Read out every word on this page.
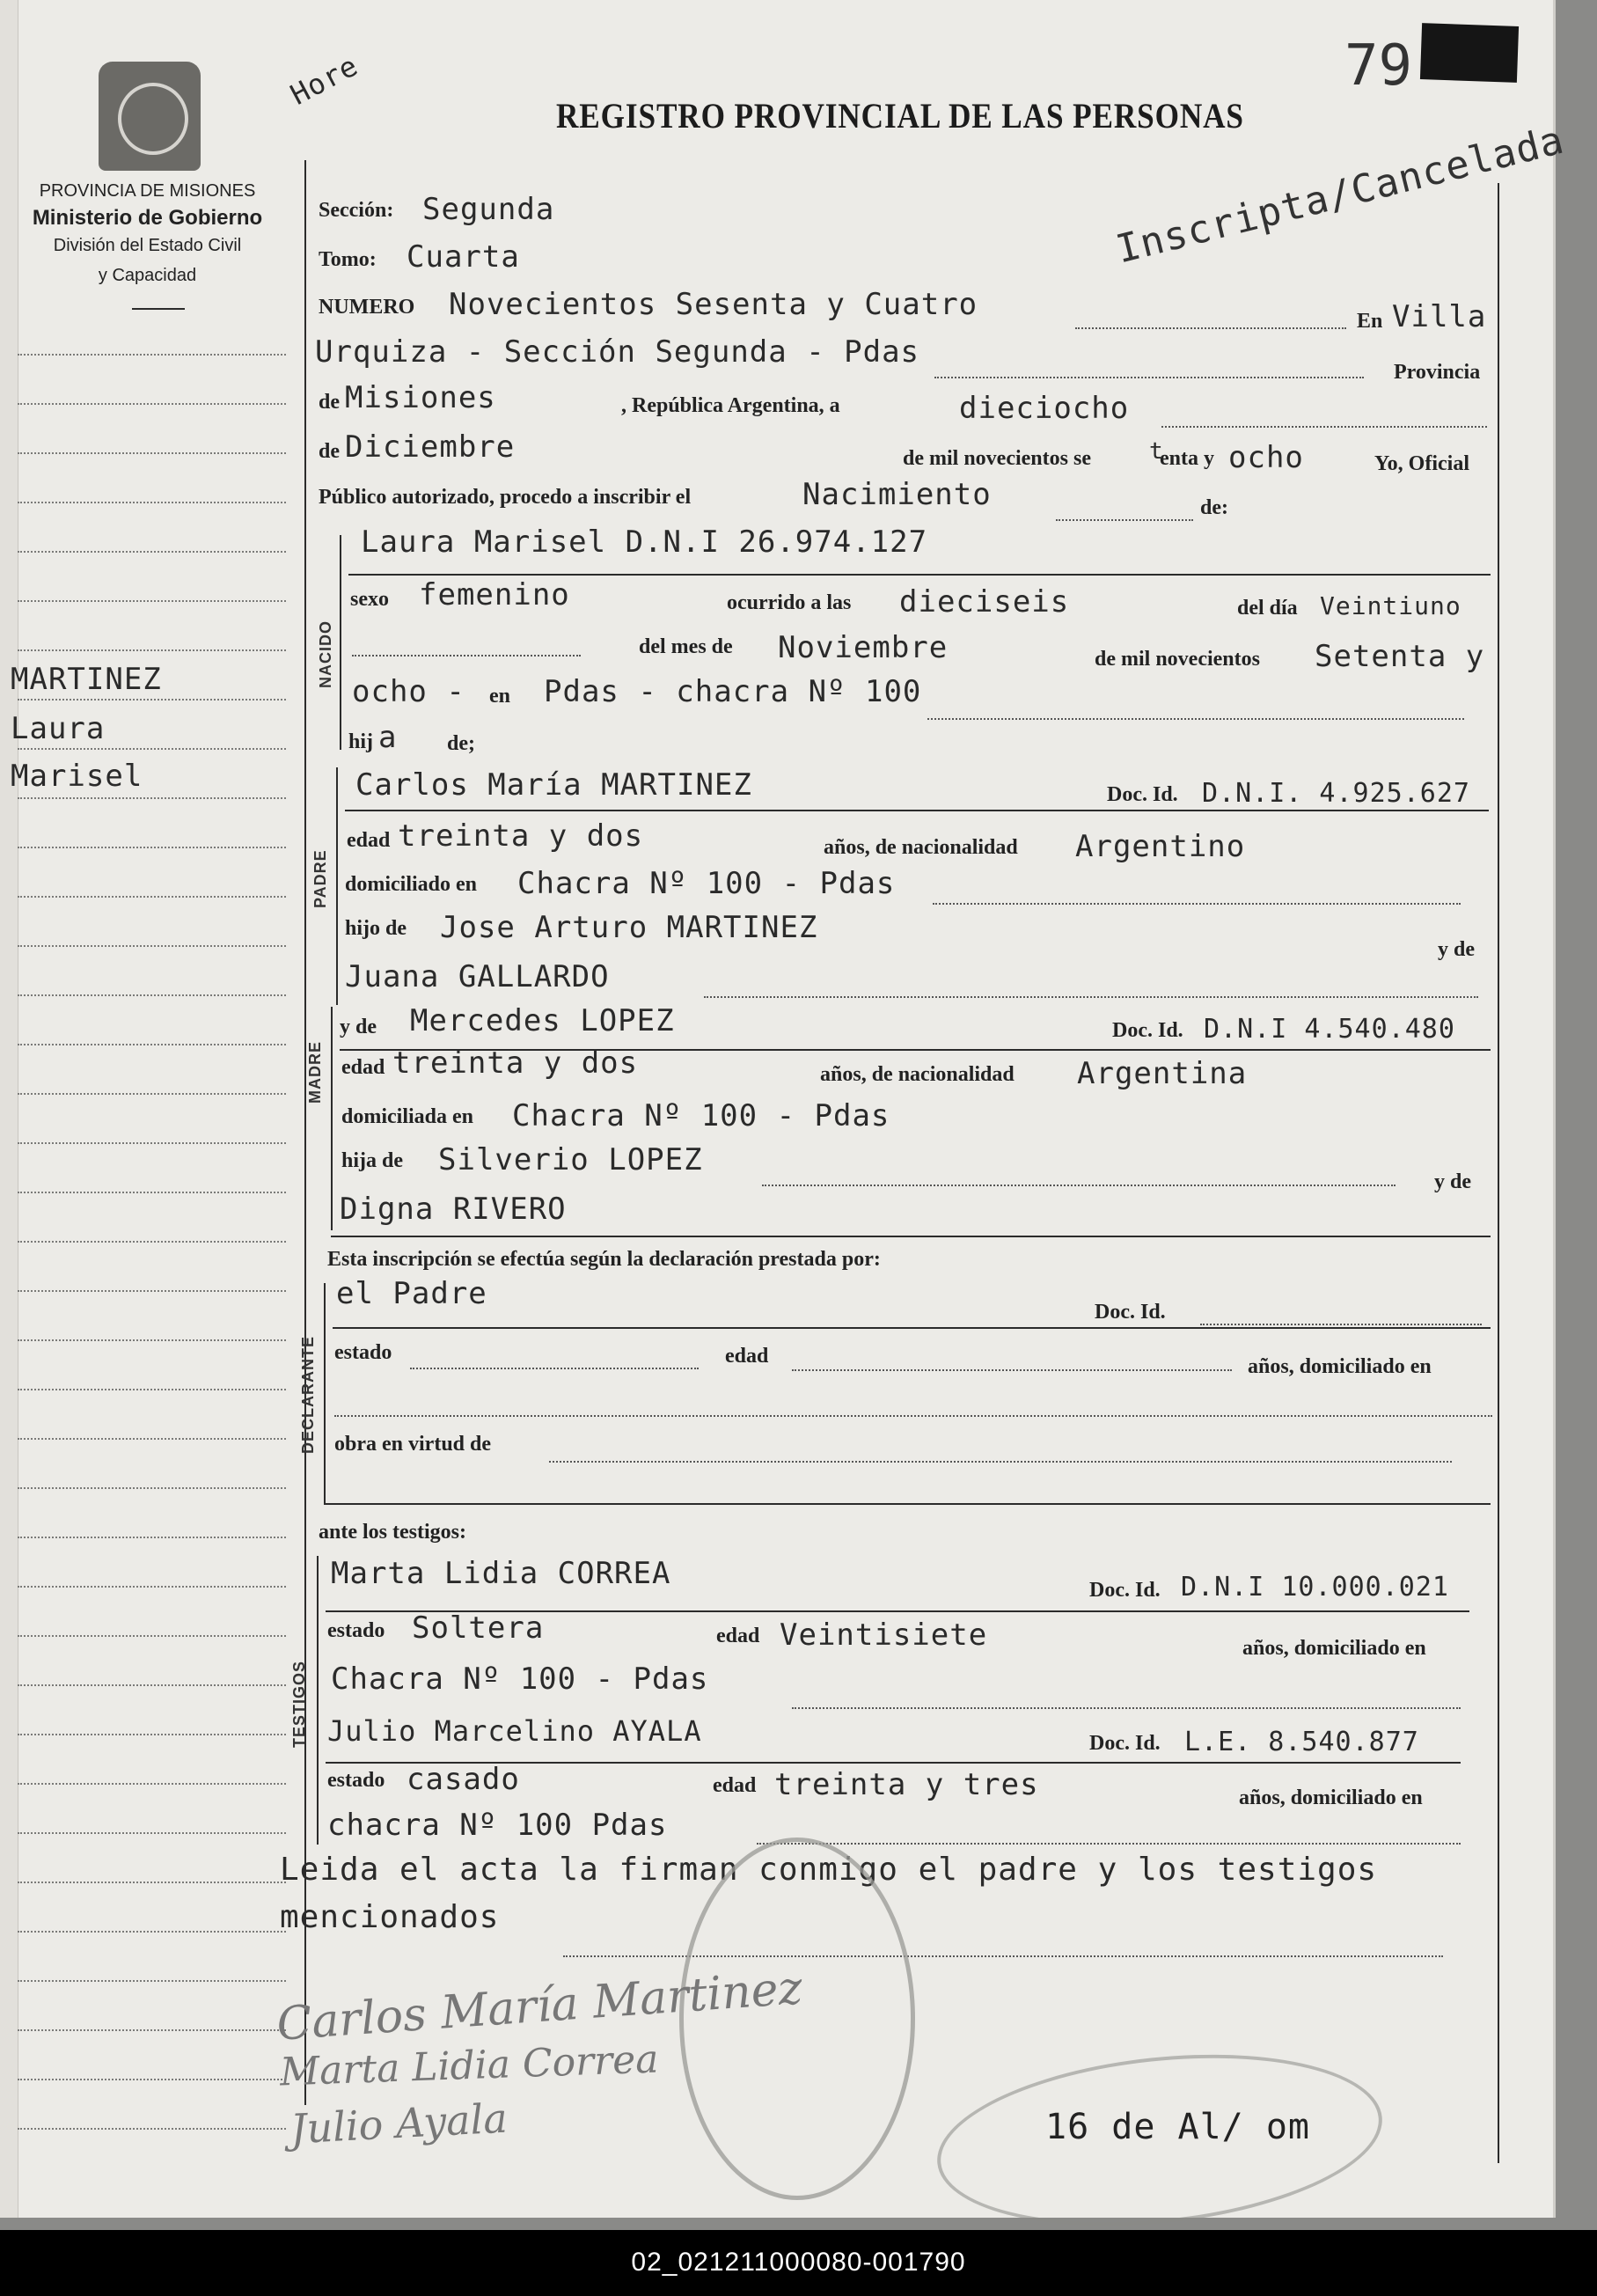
79
PROVINCIA DE MISIONES
Ministerio de Gobierno
División del Estado Civil
y Capacidad
Hore
REGISTRO PROVINCIAL DE LAS PERSONAS
Inscripta/Cancelada
MARTINEZ
Laura
Marisel
Sección: Segunda
Tomo: Cuarta
NUMERO Novecientos Sesenta y Cuatro	En Villa
Urquiza - Sección Segunda - Pdas
Provincia
de Misiones	, República Argentina, a	dieciocho
de Diciembre	de mil novecientos se	t
enta y ocho	Yo, Oficial
Público autorizado, procedo a inscribir el	Nacimiento	de:
NACIDO
Laura Marisel D.N.I 26.974.127
sexo femenino	ocurrido a las dieciseis	del día Veintiuno
del mes de Noviembre	de mil novecientos Setenta y
ocho - en Pdas - chacra Nº 100
hij a de;
PADRE
Carlos María MARTINEZ	Doc. Id. D.N.I. 4.925.627
edad treinta y dos	años, de nacionalidad Argentino
domiciliado en Chacra Nº 100 - Pdas
hijo de Jose Arturo MARTINEZ
y de
Juana GALLARDO
MADRE
y de Mercedes LOPEZ	Doc. Id. D.N.I 4.540.480
edad treinta y dos	años, de nacionalidad Argentina
domiciliada en Chacra Nº 100 - Pdas
hija de Silverio LOPEZ
y de
Digna RIVERO
Esta inscripción se efectúa según la declaración prestada por:
DECLARANTE
el Padre
Doc. Id.
estado	edad	años, domiciliado en
obra en virtud de
ante los testigos:
TESTIGOS
Marta Lidia CORREA	Doc. Id. D.N.I 10.000.021
estado Soltera	edad Veintisiete	años, domiciliado en
Chacra Nº 100 - Pdas
Julio Marcelino AYALA	Doc. Id. L.E. 8.540.877
estado casado	edad treinta y tres	años, domiciliado en
chacra Nº 100 Pdas
Leida el acta la firman conmigo el padre y los testigos
mencionados
Carlos María Martinez
Marta Lidia Correa
Julio Ayala	16 de Al/ om
02_021211000080-001790
